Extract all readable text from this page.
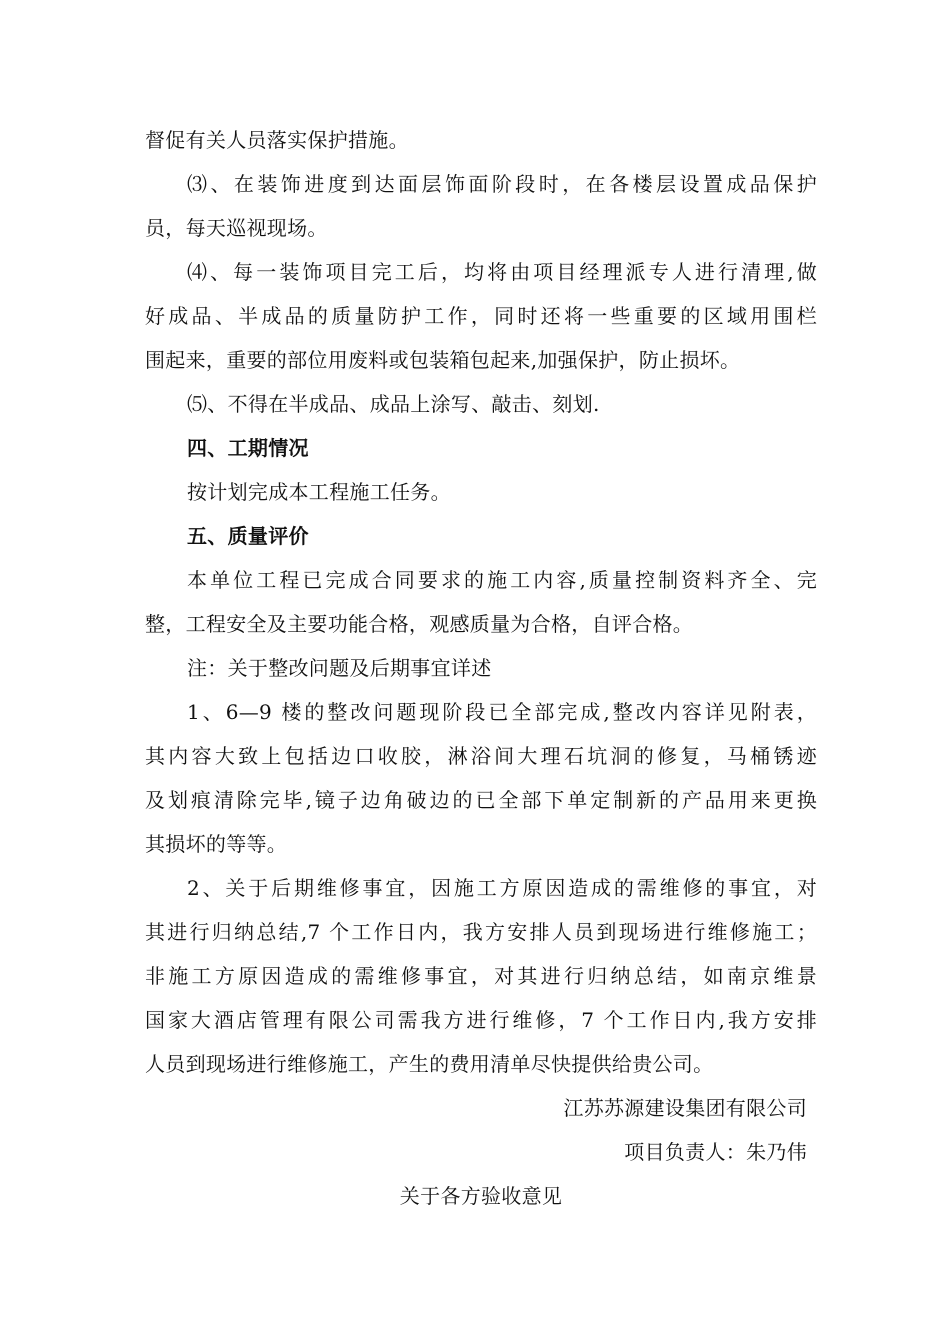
督促有关人员落实保护措施。
⑶、在装饰进度到达面层饰面阶段时，在各楼层设置成品保护
员，每天巡视现场。
⑷、每一装饰项目完工后，均将由项目经理派专人进行清理,做
好成品、半成品的质量防护工作，同时还将一些重要的区域用围栏
围起来，重要的部位用废料或包装箱包起来,加强保护，防止损坏。
⑸、不得在半成品、成品上涂写、敲击、刻划.
四、工期情况
按计划完成本工程施工任务。
五、质量评价
本单位工程已完成合同要求的施工内容,质量控制资料齐全、完
整，工程安全及主要功能合格，观感质量为合格，自评合格。
注：关于整改问题及后期事宜详述
1、6—9 楼的整改问题现阶段已全部完成,整改内容详见附表，
其内容大致上包括边口收胶，淋浴间大理石坑洞的修复，马桶锈迹
及划痕清除完毕,镜子边角破边的已全部下单定制新的产品用来更换
其损坏的等等。
2、关于后期维修事宜，因施工方原因造成的需维修的事宜，对
其进行归纳总结,7 个工作日内，我方安排人员到现场进行维修施工；
非施工方原因造成的需维修事宜，对其进行归纳总结，如南京维景
国家大酒店管理有限公司需我方进行维修，7 个工作日内,我方安排
人员到现场进行维修施工，产生的费用清单尽快提供给贵公司。
江苏苏源建设集团有限公司
项目负责人：朱乃伟
关于各方验收意见
